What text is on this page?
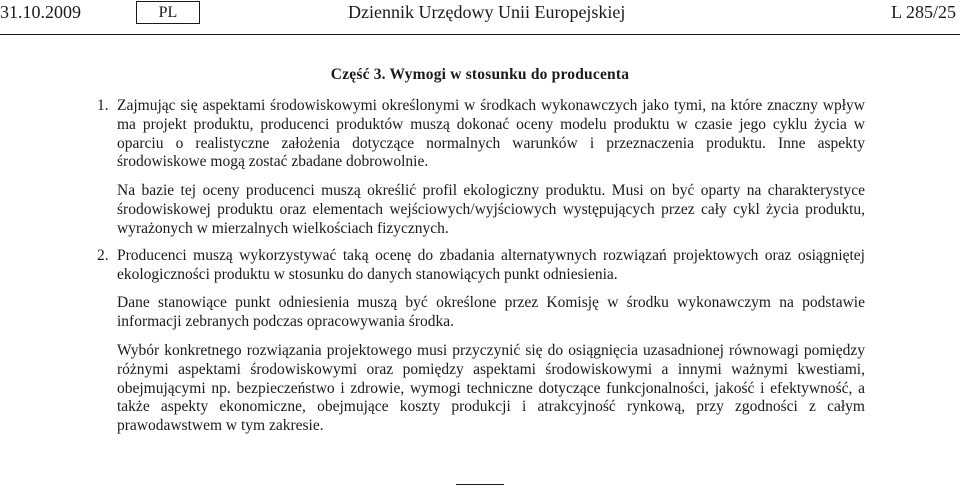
31.10.2009	PL	Dziennik Urzędowy Unii Europejskiej	L 285/25
Część 3. Wymogi w stosunku do producenta
1. Zajmując się aspektami środowiskowymi określonymi w środkach wykonawczych jako tymi, na które znaczny wpływ ma projekt produktu, producenci produktów muszą dokonać oceny modelu produktu w czasie jego cyklu życia w oparciu o realistyczne założenia dotyczące normalnych warunków i przeznaczenia produktu. Inne aspekty środowiskowe mogą zostać zbadane dobrowolnie.
Na bazie tej oceny producenci muszą określić profil ekologiczny produktu. Musi on być oparty na charakterystyce środowiskowej produktu oraz elementach wejściowych/wyjściowych występujących przez cały cykl życia produktu, wyrażonych w mierzalnych wielkościach fizycznych.
2. Producenci muszą wykorzystywać taką ocenę do zbadania alternatywnych rozwiązań projektowych oraz osiągniętej ekologiczności produktu w stosunku do danych stanowiących punkt odniesienia.
Dane stanowiące punkt odniesienia muszą być określone przez Komisję w środku wykonawczym na podstawie informacji zebranych podczas opracowywania środka.
Wybór konkretnego rozwiązania projektowego musi przyczynić się do osiągnięcia uzasadnionej równowagi pomiędzy różnymi aspektami środowiskowymi oraz pomiędzy aspektami środowiskowymi a innymi ważnymi kwestiami, obejmującymi np. bezpieczeństwo i zdrowie, wymogi techniczne dotyczące funkcjonalności, jakość i efektywność, a także aspekty ekonomiczne, obejmujące koszty produkcji i atrakcyjność rynkową, przy zgodności z całym prawodawstwem w tym zakresie.
